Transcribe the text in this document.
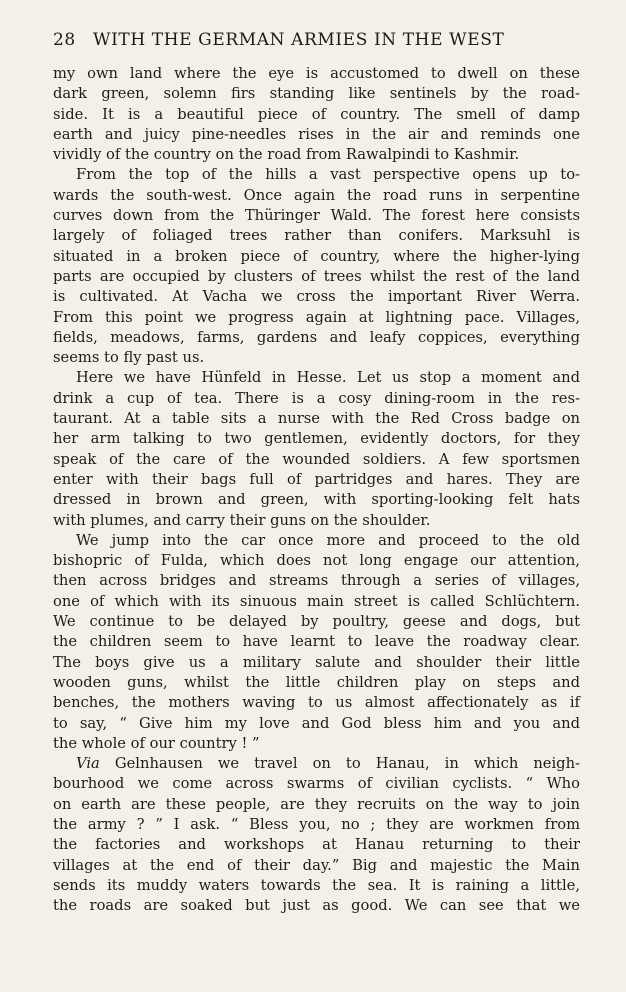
28 WITH THE GERMAN ARMIES IN THE WEST

my own land where the eye is accustomed to dwell on these
dark green, solemn firs standing like sentinels by the road-
side. It is a beautiful piece of country. The smell of damp
earth and juicy pine-needles rises in the air and reminds one
vividly of the country on the road from Rawalpindi to Kashmir.

From the top of the hills a vast perspective opens up to-
wards the south-west. Once again the road runs in serpentine
curves down from the Thüringer Wald. The forest here consists
largely of foliaged trees rather than conifers. Marksuhl is
situated in a broken piece of country, where the higher-lying
parts are occupied by clusters of trees whilst the rest of the land
is cultivated. At Vacha we cross the important River Werra.
From this point we progress again at lightning pace. Villages,
fields, meadows, farms, gardens and leafy coppices, everything
seems to fly past us.

Here we have Hünfeld in Hesse. Let us stop a moment and
drink a cup of tea. There is a cosy dining-room in the res-
taurant. At a table sits a nurse with the Red Cross badge on
her arm talking to two gentlemen, evidently doctors, for they
speak of the care of the wounded soldiers. A few sportsmen
enter with their bags full of partridges and hares. They are
dressed in brown and green, with sporting-looking felt hats
with plumes, and carry their guns on the shoulder.

We jump into the car once more and proceed to the old
bishopric of Fulda, which does not long engage our attention,
then across bridges and streams through a series of villages,
one of which with its sinuous main street is called Schlüchtern.
We continue to be delayed by poultry, geese and dogs, but
the children seem to have learnt to leave the roadway clear.
The boys give us a military salute and shoulder their little
wooden guns, whilst the little children play on steps and
benches, the mothers waving to us almost affectionately as if
to say, “ Give him my love and God bless him and you and
the whole of our country ! ”

Via Gelnhausen we travel on to Hanau, in which neigh-
bourhood we come across swarms of civilian cyclists. “ Who
on earth are these people, are they recruits on the way to join
the army ? ” I ask. “ Bless you, no ; they are workmen from
the factories and workshops at Hanau returning to their
villages at the end of their day.” Big and majestic the Main
sends its muddy waters towards the sea. It is raining a little,
the roads are soaked but just as good. We can see that we
